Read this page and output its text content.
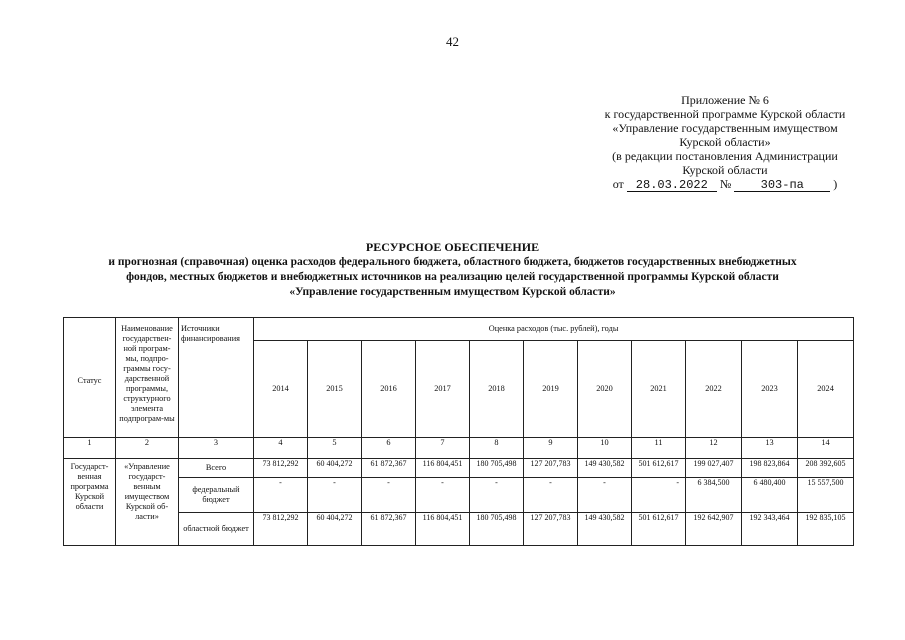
42
Приложение № 6
к государственной программе Курской области
«Управление государственным имуществом
Курской области»
(в редакции постановления Администрации
Курской области
от 28.03.2022 № 303-па )
РЕСУРСНОЕ ОБЕСПЕЧЕНИЕ
и прогнозная (справочная) оценка расходов федерального бюджета, областного бюджета, бюджетов государственных внебюджетных
фондов, местных бюджетов и внебюджетных источников на реализацию целей государственной программы Курской области
«Управление государственным имуществом Курской области»
Статус	Наименование государствен-ной програм-мы, подпро-граммы госу-дарственной программы, структурного элемента подпрограм-мы	Источники финансирования	Оценка расходов (тыс. рублей), годы										
			2014	2015	2016	2017	2018	2019	2020	2021	2022	2023	2024
1	2	3	4	5	6	7	8	9	10	11	12	13	14
Государст-венная программа Курской области	«Управление государст-венным имуществом Курской об-ласти»	Всего	73 812,292	60 404,272	61 872,367	116 804,451	180 705,498	127 207,783	149 430,582	501 612,617	199 027,407	198 823,864	208 392,605
		федеральный бюджет	-	-	-	-	-	-	-	-	6 384,500	6 480,400	15 557,500
		областной бюджет	73 812,292	60 404,272	61 872,367	116 804,451	180 705,498	127 207,783	149 430,582	501 612,617	192 642,907	192 343,464	192 835,105
